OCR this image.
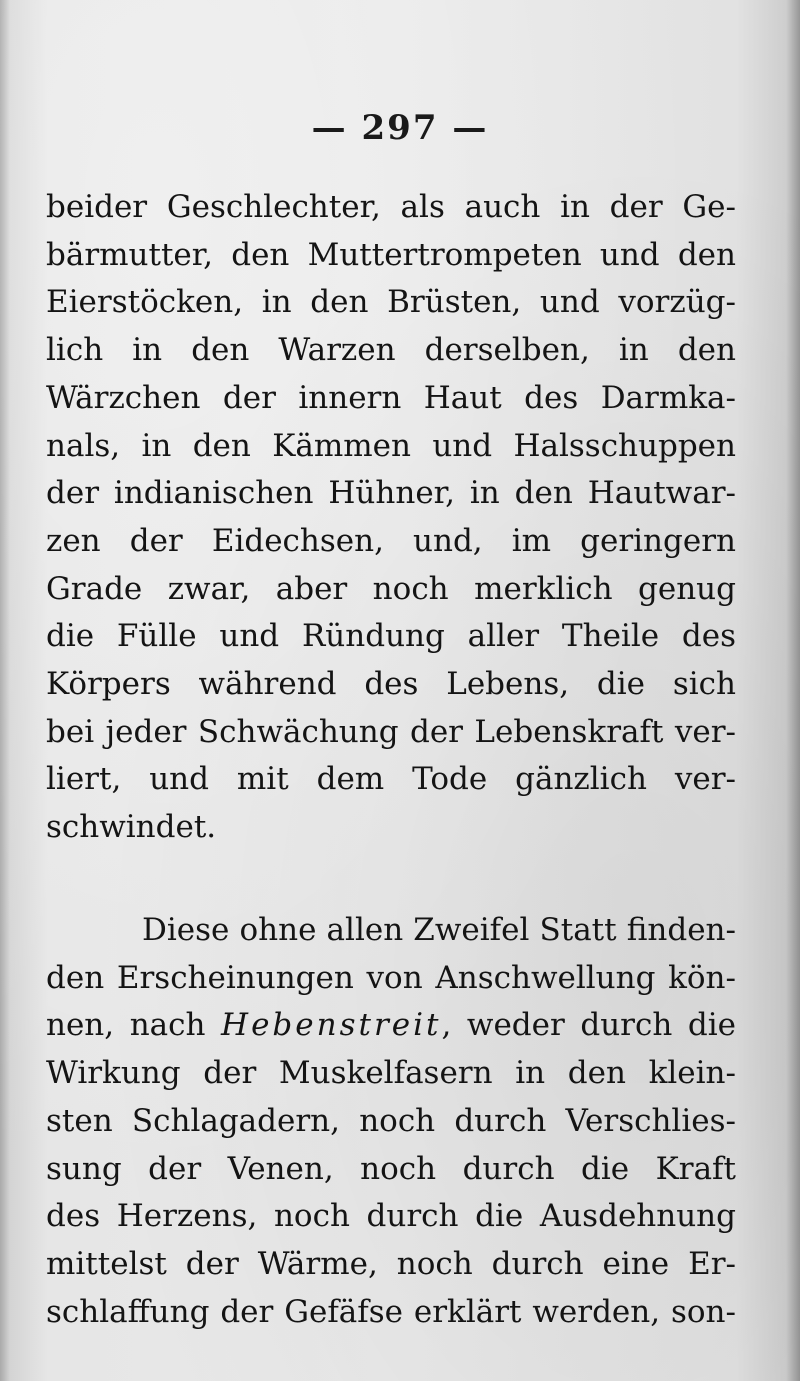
— 297 —
beider Geschlechter, als auch in der Ge-
bärmutter, den Muttertrompeten und den
Eierstöcken, in den Brüsten, und vorzüg-
lich in den Warzen derselben, in den
Wärzchen der innern Haut des Darmka-
nals, in den Kämmen und Halsschuppen
der indianischen Hühner, in den Hautwar-
zen der Eidechsen, und, im geringern
Grade zwar, aber noch merklich genug
die Fülle und Ründung aller Theile des
Körpers während des Lebens, die sich
bei jeder Schwächung der Lebenskraft ver-
liert, und mit dem Tode gänzlich ver-
schwindet.
Diese ohne allen Zweifel Statt finden-
den Erscheinungen von Anschwellung kön-
nen, nach Hebenstreit, weder durch die
Wirkung der Muskelfasern in den klein-
sten Schlagadern, noch durch Verschlies-
sung der Venen, noch durch die Kraft
des Herzens, noch durch die Ausdehnung
mittelst der Wärme, noch durch eine Er-
schlaffung der Gefäfse erklärt werden, son-
